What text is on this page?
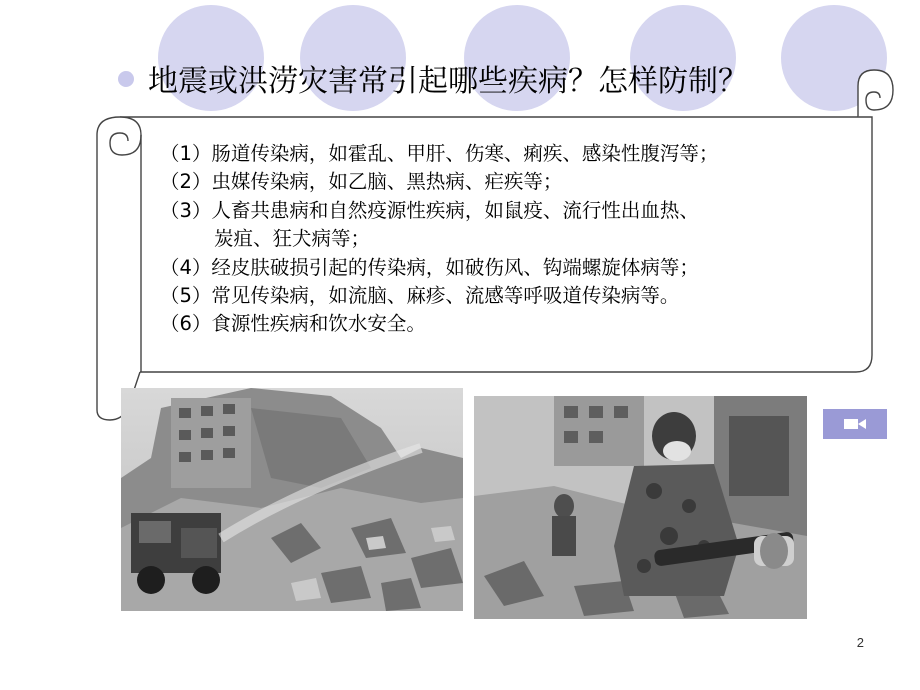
地震或洪涝灾害常引起哪些疾病？怎样防制？
（1）肠道传染病，如霍乱、甲肝、伤寒、痢疾、感染性腹泻等；
（2）虫媒传染病，如乙脑、黑热病、疟疾等；
（3）人畜共患病和自然疫源性疾病，如鼠疫、流行性出血热、
炭疽、狂犬病等；
（4）经皮肤破损引起的传染病，如破伤风、钩端螺旋体病等；
（5）常见传染病，如流脑、麻疹、流感等呼吸道传染病等。
（6）食源性疾病和饮水安全。
2
